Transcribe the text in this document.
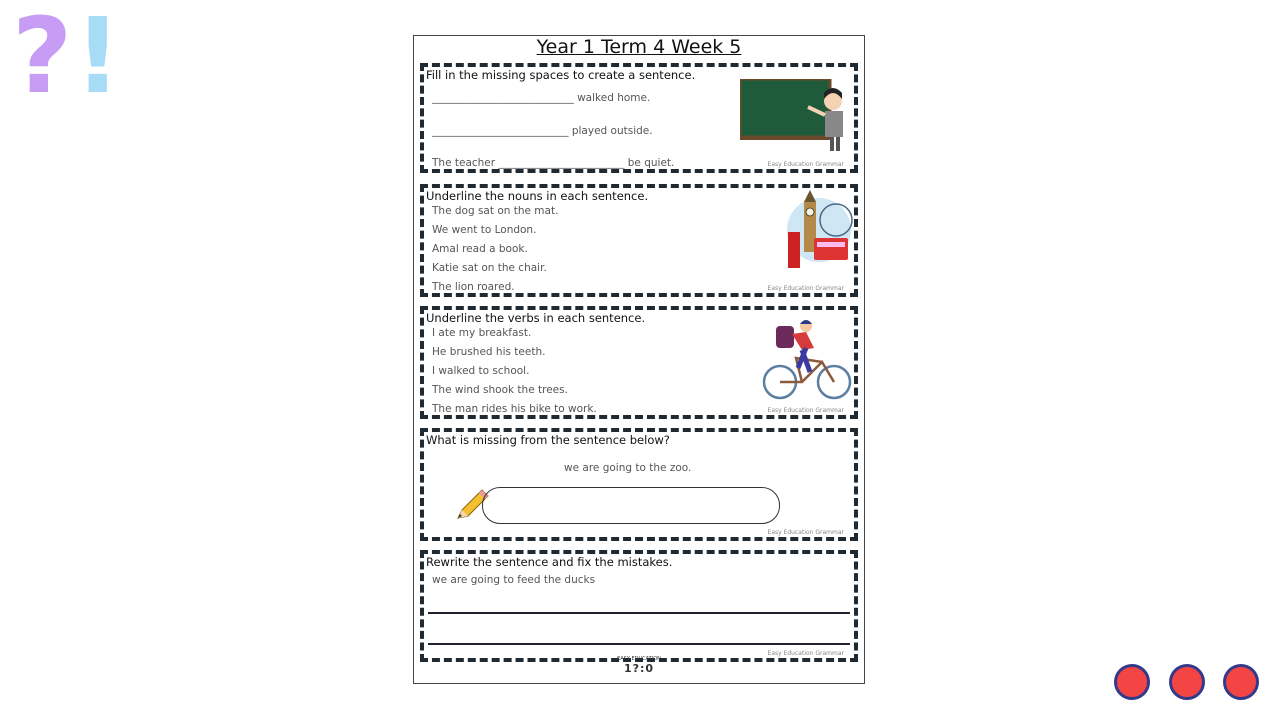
? !	Year 1 Term 4 Week 5
Fill in the missing spaces to create a sentence.
___________________________ walked home.
__________________________ played outside.
The teacher ________________________ be quiet.	Easy Education Grammar
Underline the nouns in each sentence.
The dog sat on the mat.
We went to London.
Amal read a book.
Katie sat on the chair.
The lion roared.	Easy Education Grammar
Underline the verbs in each sentence.
I ate my breakfast.
He brushed his teeth.
I walked to school.
The wind shook the trees.
The man rides his bike to work.	Easy Education Grammar
What is missing from the sentence below?
we are going to the zoo.
Easy Education Grammar
Rewrite the sentence and fix the mistakes.
we are going to feed the ducks
Easy Education Grammar
EASY EDUCATION
1?:0
